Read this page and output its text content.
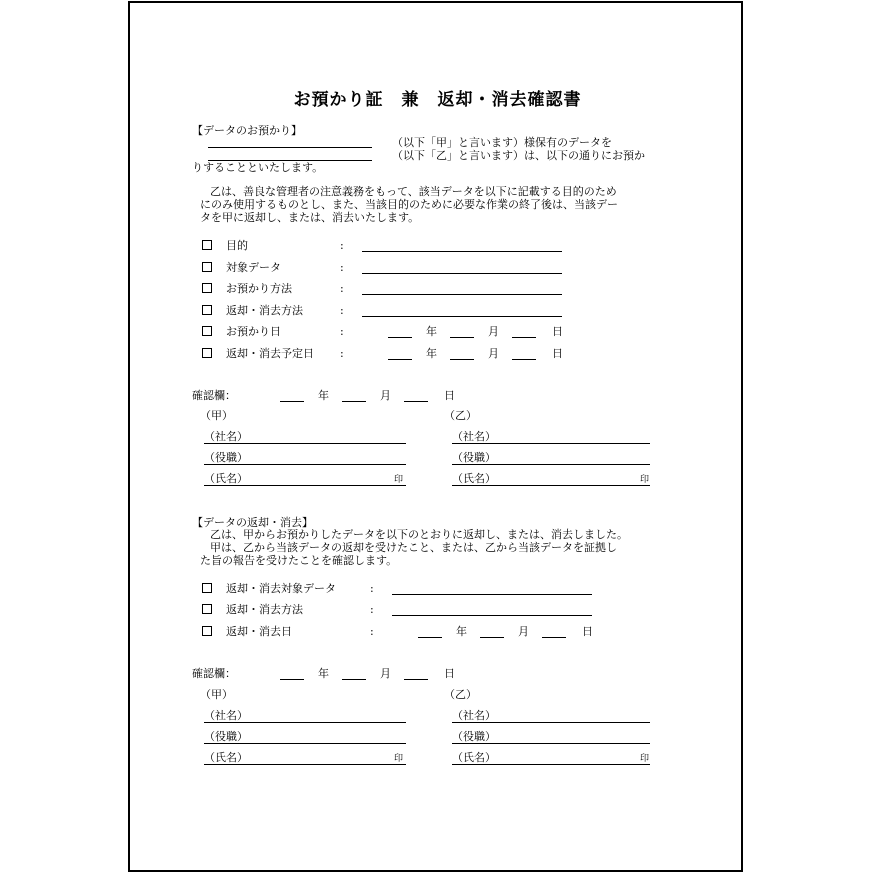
お預かり証　兼　返却・消去確認書
【データのお預かり】
（以下「甲」と言います）様保有のデータを
（以下「乙」と言います）は、以下の通りにお預か
りすることといたします。
乙は、善良な管理者の注意義務をもって、該当データを以下に記載する目的のため
にのみ使用するものとし、また、当該目的のために必要な作業の終了後は、当該デー
タを甲に返却し、または、消去いたします。
目的	:
対象データ	:
お預かり方法	:
返却・消去方法	:
お預かり日	:	年	月	日
返却・消去予定日 :	年	月	日
確認欄：	年	月	日
（甲）	（乙）
（社名）	（社名）
（役職）	（役職）
（氏名）	印	（氏名）	印
【データの返却・消去】
乙は、甲からお預かりしたデータを以下のとおりに返却し、または、消去しました。
甲は、乙から当該データの返却を受けたこと、または、乙から当該データを証拠し
た旨の報告を受けたことを確認します。
返却・消去対象データ	:
返却・消去方法	:
返却・消去日	:	年	月	日
確認欄：	年	月	日
（甲）	（乙）
（社名）	（社名）
（役職）	（役職）
（氏名）	印	（氏名）	印
